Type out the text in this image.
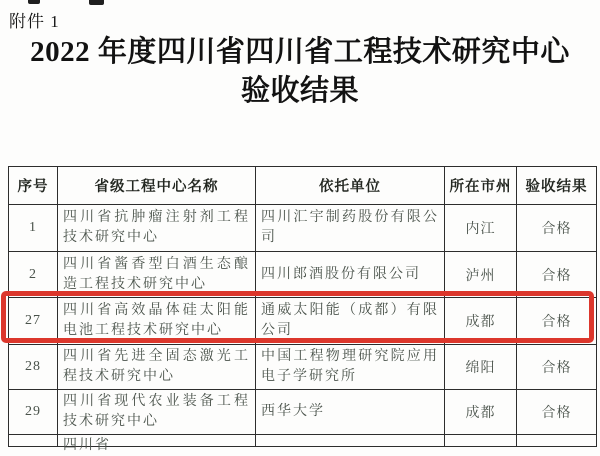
附件 1
2022 年度四川省四川省工程技术研究中心
验收结果
序号	省级工程中心名称	依托单位	所在市州	验收结果
1	四川省抗肿瘤注射剂工程技术研究中心	四川汇宇制药股份有限公司	内江	合格
2	四川省酱香型白酒生态酿造工程技术研究中心	四川郎酒股份有限公司	泸州	合格
27	四川省高效晶体硅太阳能电池工程技术研究中心	通威太阳能（成都）有限公司	成都	合格
28	四川省先进全固态激光工程技术研究中心	中国工程物理研究院应用电子学研究所	绵阳	合格
29	四川省现代农业装备工程技术研究中心	西华大学	成都	合格

	四川省			
